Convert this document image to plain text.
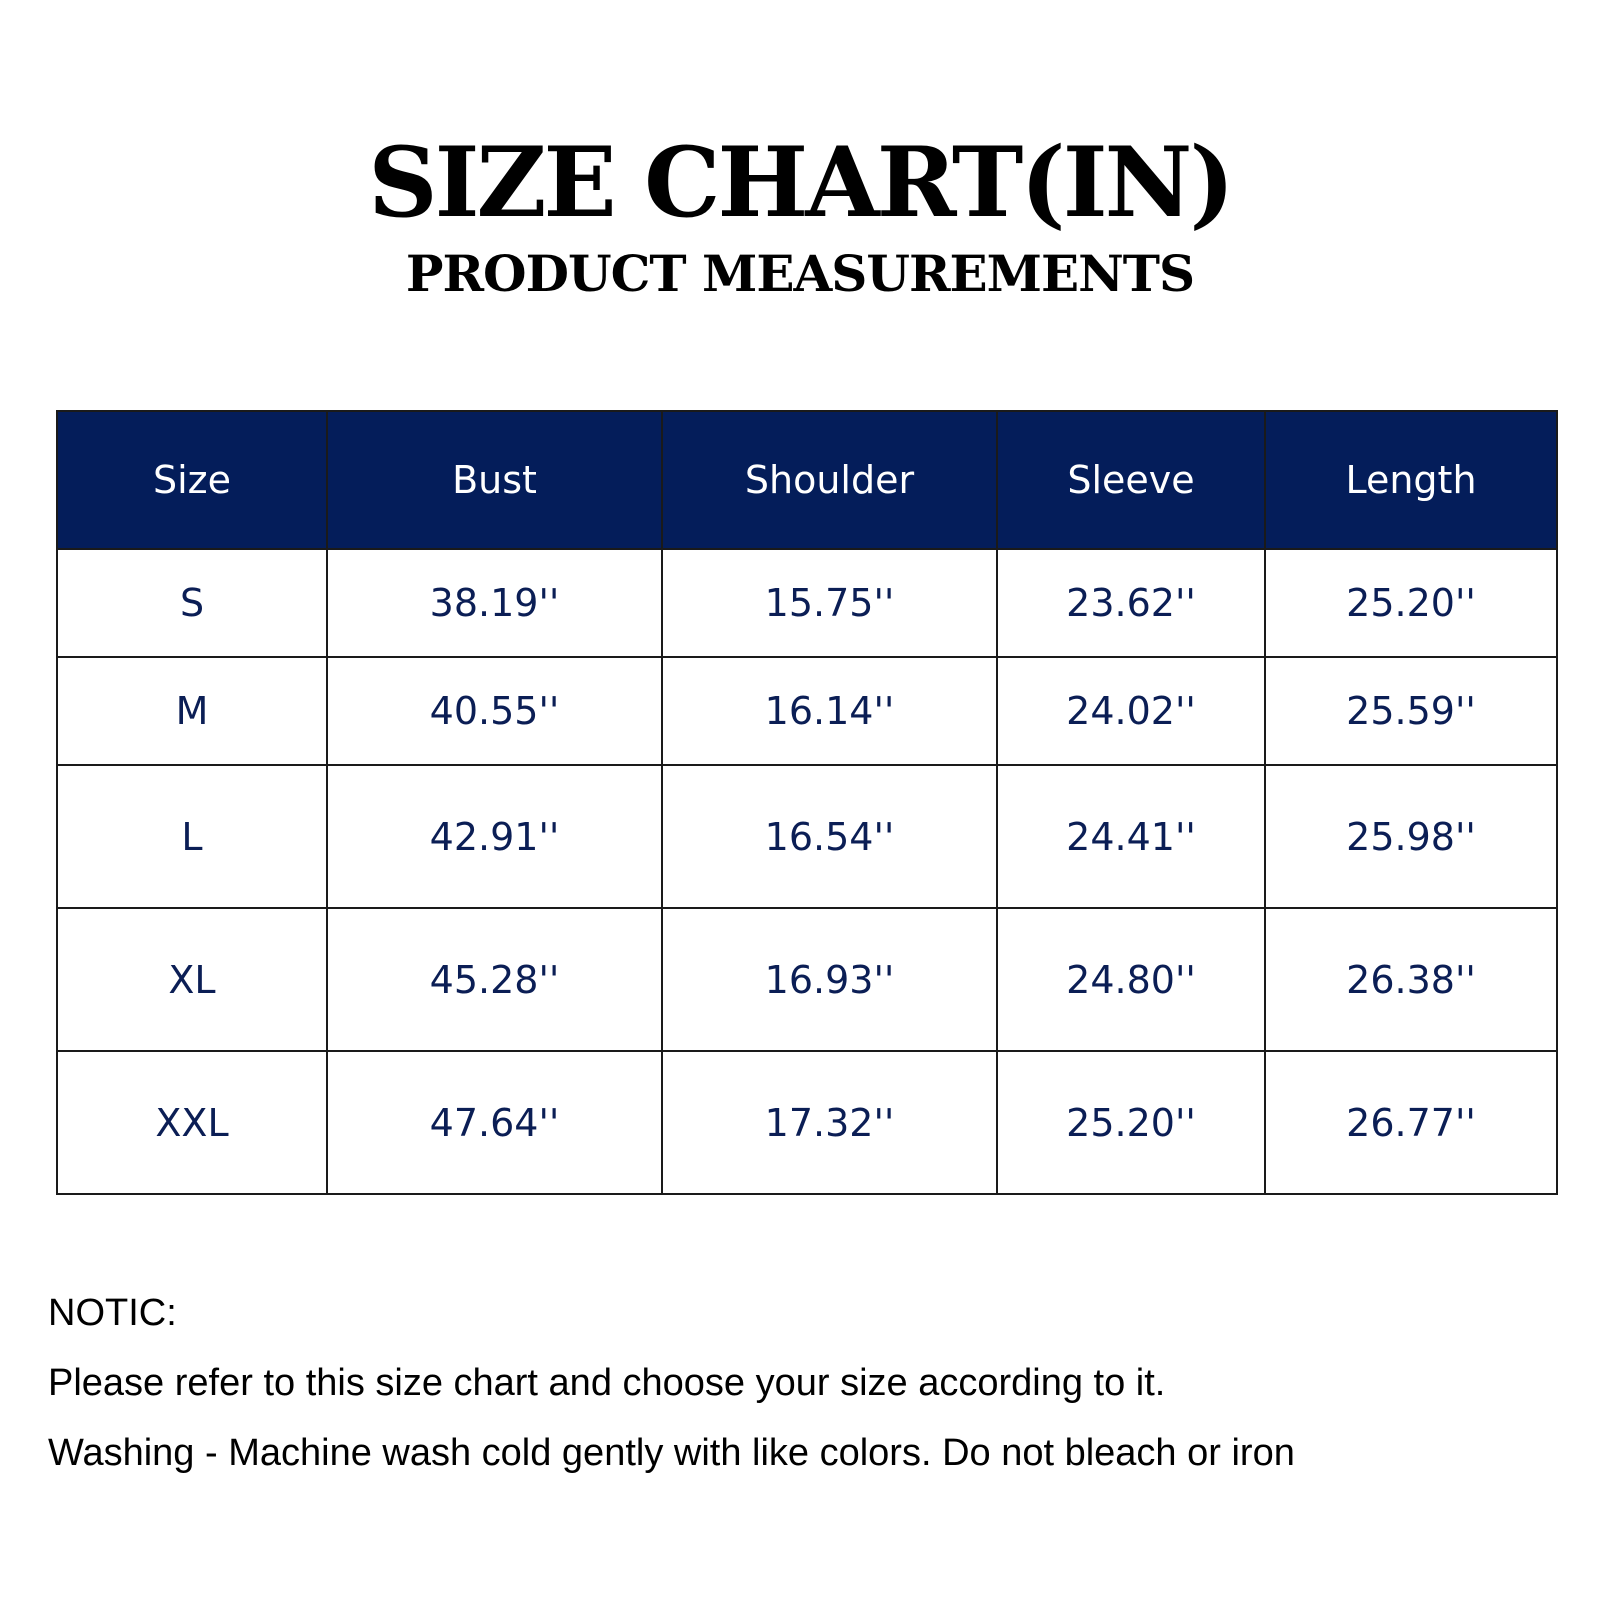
SIZE CHART(IN)
PRODUCT MEASUREMENTS
Size	Bust	Shoulder	Sleeve	Length
S	38.19''	15.75''	23.62''	25.20''
M	40.55''	16.14''	24.02''	25.59''
L	42.91''	16.54''	24.41''	25.98''
XL	45.28''	16.93''	24.80''	26.38''
XXL	47.64''	17.32''	25.20''	26.77''
NOTIC:
Please refer to this size chart and choose your size according to it.
Washing - Machine wash cold gently with like colors. Do not bleach or iron
